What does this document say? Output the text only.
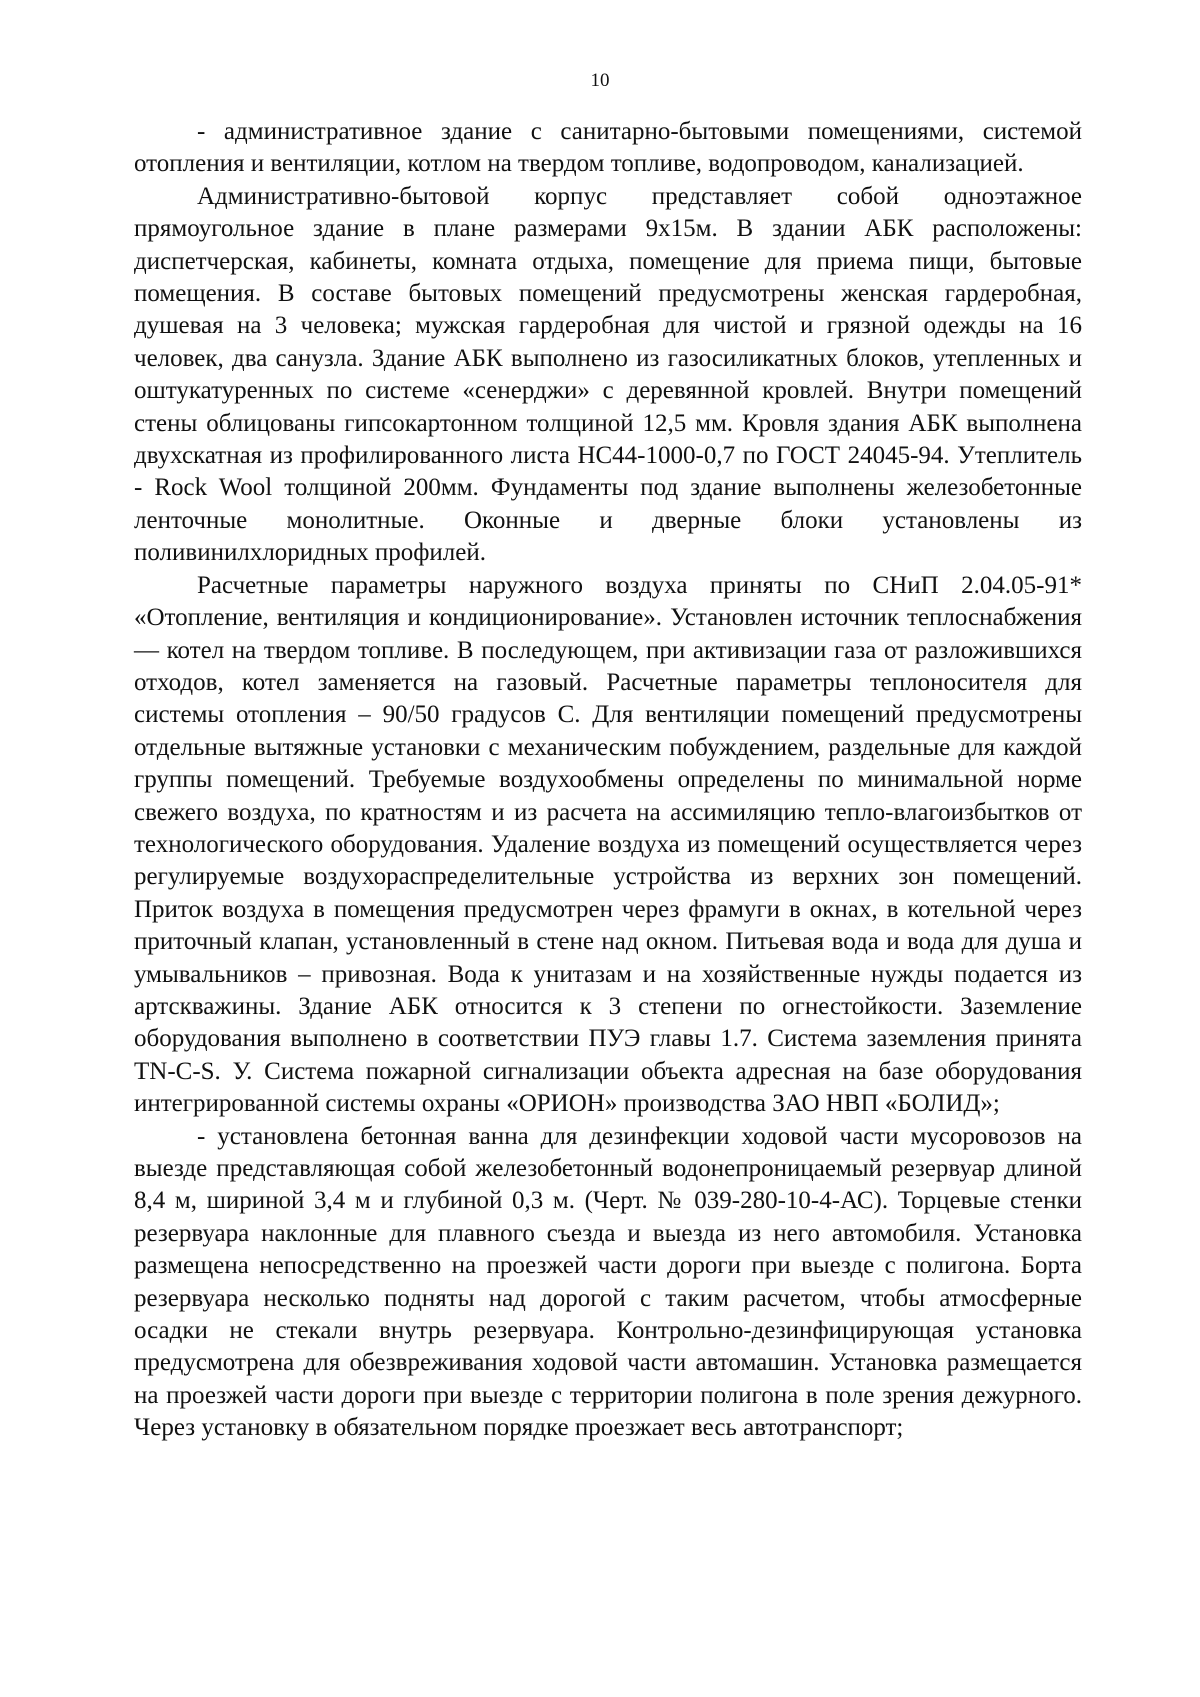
10

- административное здание с санитарно-бытовыми помещениями, системой отопления и вентиляции, котлом на твердом топливе, водопроводом, канализацией.

Административно-бытовой корпус представляет собой одноэтажное прямоугольное здание в плане размерами 9х15м. В здании АБК расположены: диспетчерская, кабинеты, комната отдыха, помещение для приема пищи, бытовые помещения. В составе бытовых помещений предусмотрены женская гардеробная, душевая на 3 человека; мужская гардеробная для чистой и грязной одежды на 16 человек, два санузла. Здание АБК выполнено из газосиликатных блоков, утепленных и оштукатуренных по системе «сенерджи» с деревянной кровлей. Внутри помещений стены облицованы гипсокартонном толщиной 12,5 мм. Кровля здания АБК выполнена двухскатная из профилированного листа НС44-1000-0,7 по ГОСТ 24045-94. Утеплитель - Rock Wool толщиной 200мм. Фундаменты под здание выполнены железобетонные ленточные монолитные. Оконные и дверные блоки установлены из поливинилхлоридных профилей.

Расчетные параметры наружного воздуха приняты по СНиП 2.04.05-91* «Отопление, вентиляция и кондиционирование». Установлен источник теплоснабжения — котел на твердом топливе. В последующем, при активизации газа от разложившихся отходов, котел заменяется на газовый. Расчетные параметры теплоносителя для системы отопления – 90/50 градусов С. Для вентиляции помещений предусмотрены отдельные вытяжные установки с механическим побуждением, раздельные для каждой группы помещений. Требуемые воздухообмены определены по минимальной норме свежего воздуха, по кратностям и из расчета на ассимиляцию тепло-влагоизбытков от технологического оборудования. Удаление воздуха из помещений осуществляется через регулируемые воздухораспределительные устройства из верхних зон помещений. Приток воздуха в помещения предусмотрен через фрамуги в окнах, в котельной через приточный клапан, установленный в стене над окном. Питьевая вода и вода для душа и умывальников – привозная. Вода к унитазам и на хозяйственные нужды подается из артскважины. Здание АБК относится к 3 степени по огнестойкости. Заземление оборудования выполнено в соответствии ПУЭ главы 1.7. Система заземления принята TN-C-S. У. Система пожарной сигнализации объекта адресная на базе оборудования интегрированной системы охраны «ОРИОН» производства ЗАО НВП «БОЛИД»;

- установлена бетонная ванна для дезинфекции ходовой части мусоровозов на выезде представляющая собой железобетонный водонепроницаемый резервуар длиной 8,4 м, шириной 3,4 м и глубиной 0,3 м. (Черт. № 039-280-10-4-АС). Торцевые стенки резервуара наклонные для плавного съезда и выезда из него автомобиля. Установка размещена непосредственно на проезжей части дороги при выезде с полигона. Борта резервуара несколько подняты над дорогой с таким расчетом, чтобы атмосферные осадки не стекали внутрь резервуара. Контрольно-дезинфицирующая установка предусмотрена для обезвреживания ходовой части автомашин. Установка размещается на проезжей части дороги при выезде с территории полигона в поле зрения дежурного. Через установку в обязательном порядке проезжает весь автотранспорт;
